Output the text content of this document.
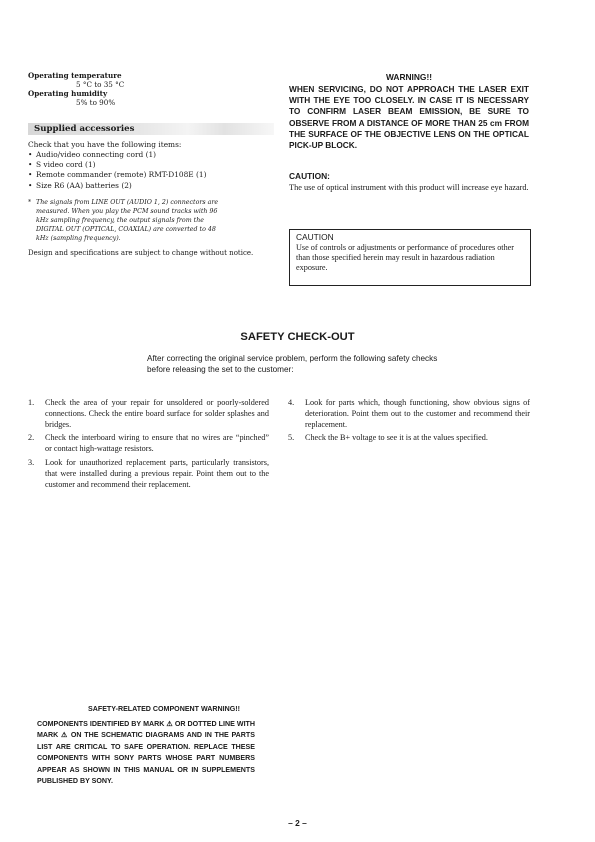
Operating temperature
5 °C to 35 °C
Operating humidity
5% to 90%
Supplied accessories
Check that you have the following items:
• Audio/video connecting cord (1)
• S video cord (1)
• Remote commander (remote) RMT-D108E (1)
• Size R6 (AA) batteries (2)
* The signals from LINE OUT (AUDIO 1, 2) connectors are measured. When you play the PCM sound tracks with 96 kHz sampling frequency, the output signals from the DIGITAL OUT (OPTICAL, COAXIAL) are converted to 48 kHz (sampling frequency).
Design and specifications are subject to change without notice.
WARNING!!
WHEN SERVICING, DO NOT APPROACH THE LASER EXIT WITH THE EYE TOO CLOSELY. IN CASE IT IS NECESSARY TO CONFIRM LASER BEAM EMISSION, BE SURE TO OBSERVE FROM A DISTANCE OF MORE THAN 25 cm FROM THE SURFACE OF THE OBJECTIVE LENS ON THE OPTICAL PICK-UP BLOCK.
CAUTION:
The use of optical instrument with this product will increase eye hazard.
CAUTION
Use of controls or adjustments or performance of procedures other than those specified herein may result in hazardous radiation exposure.
SAFETY CHECK-OUT
After correcting the original service problem, perform the following safety checks before releasing the set to the customer:
1. Check the area of your repair for unsoldered or poorly-soldered connections. Check the entire board surface for solder splashes and bridges.
2. Check the interboard wiring to ensure that no wires are “pinched” or contact high-wattage resistors.
3. Look for unauthorized replacement parts, particularly transistors, that were installed during a previous repair. Point them out to the customer and recommend their replacement.
4. Look for parts which, though functioning, show obvious signs of deterioration. Point them out to the customer and recommend their replacement.
5. Check the B+ voltage to see it is at the values specified.
SAFETY-RELATED COMPONENT WARNING!!
COMPONENTS IDENTIFIED BY MARK ⚠ OR DOTTED LINE WITH MARK ⚠ ON THE SCHEMATIC DIAGRAMS AND IN THE PARTS LIST ARE CRITICAL TO SAFE OPERATION. REPLACE THESE COMPONENTS WITH SONY PARTS WHOSE PART NUMBERS APPEAR AS SHOWN IN THIS MANUAL OR IN SUPPLEMENTS PUBLISHED BY SONY.
– 2 –
